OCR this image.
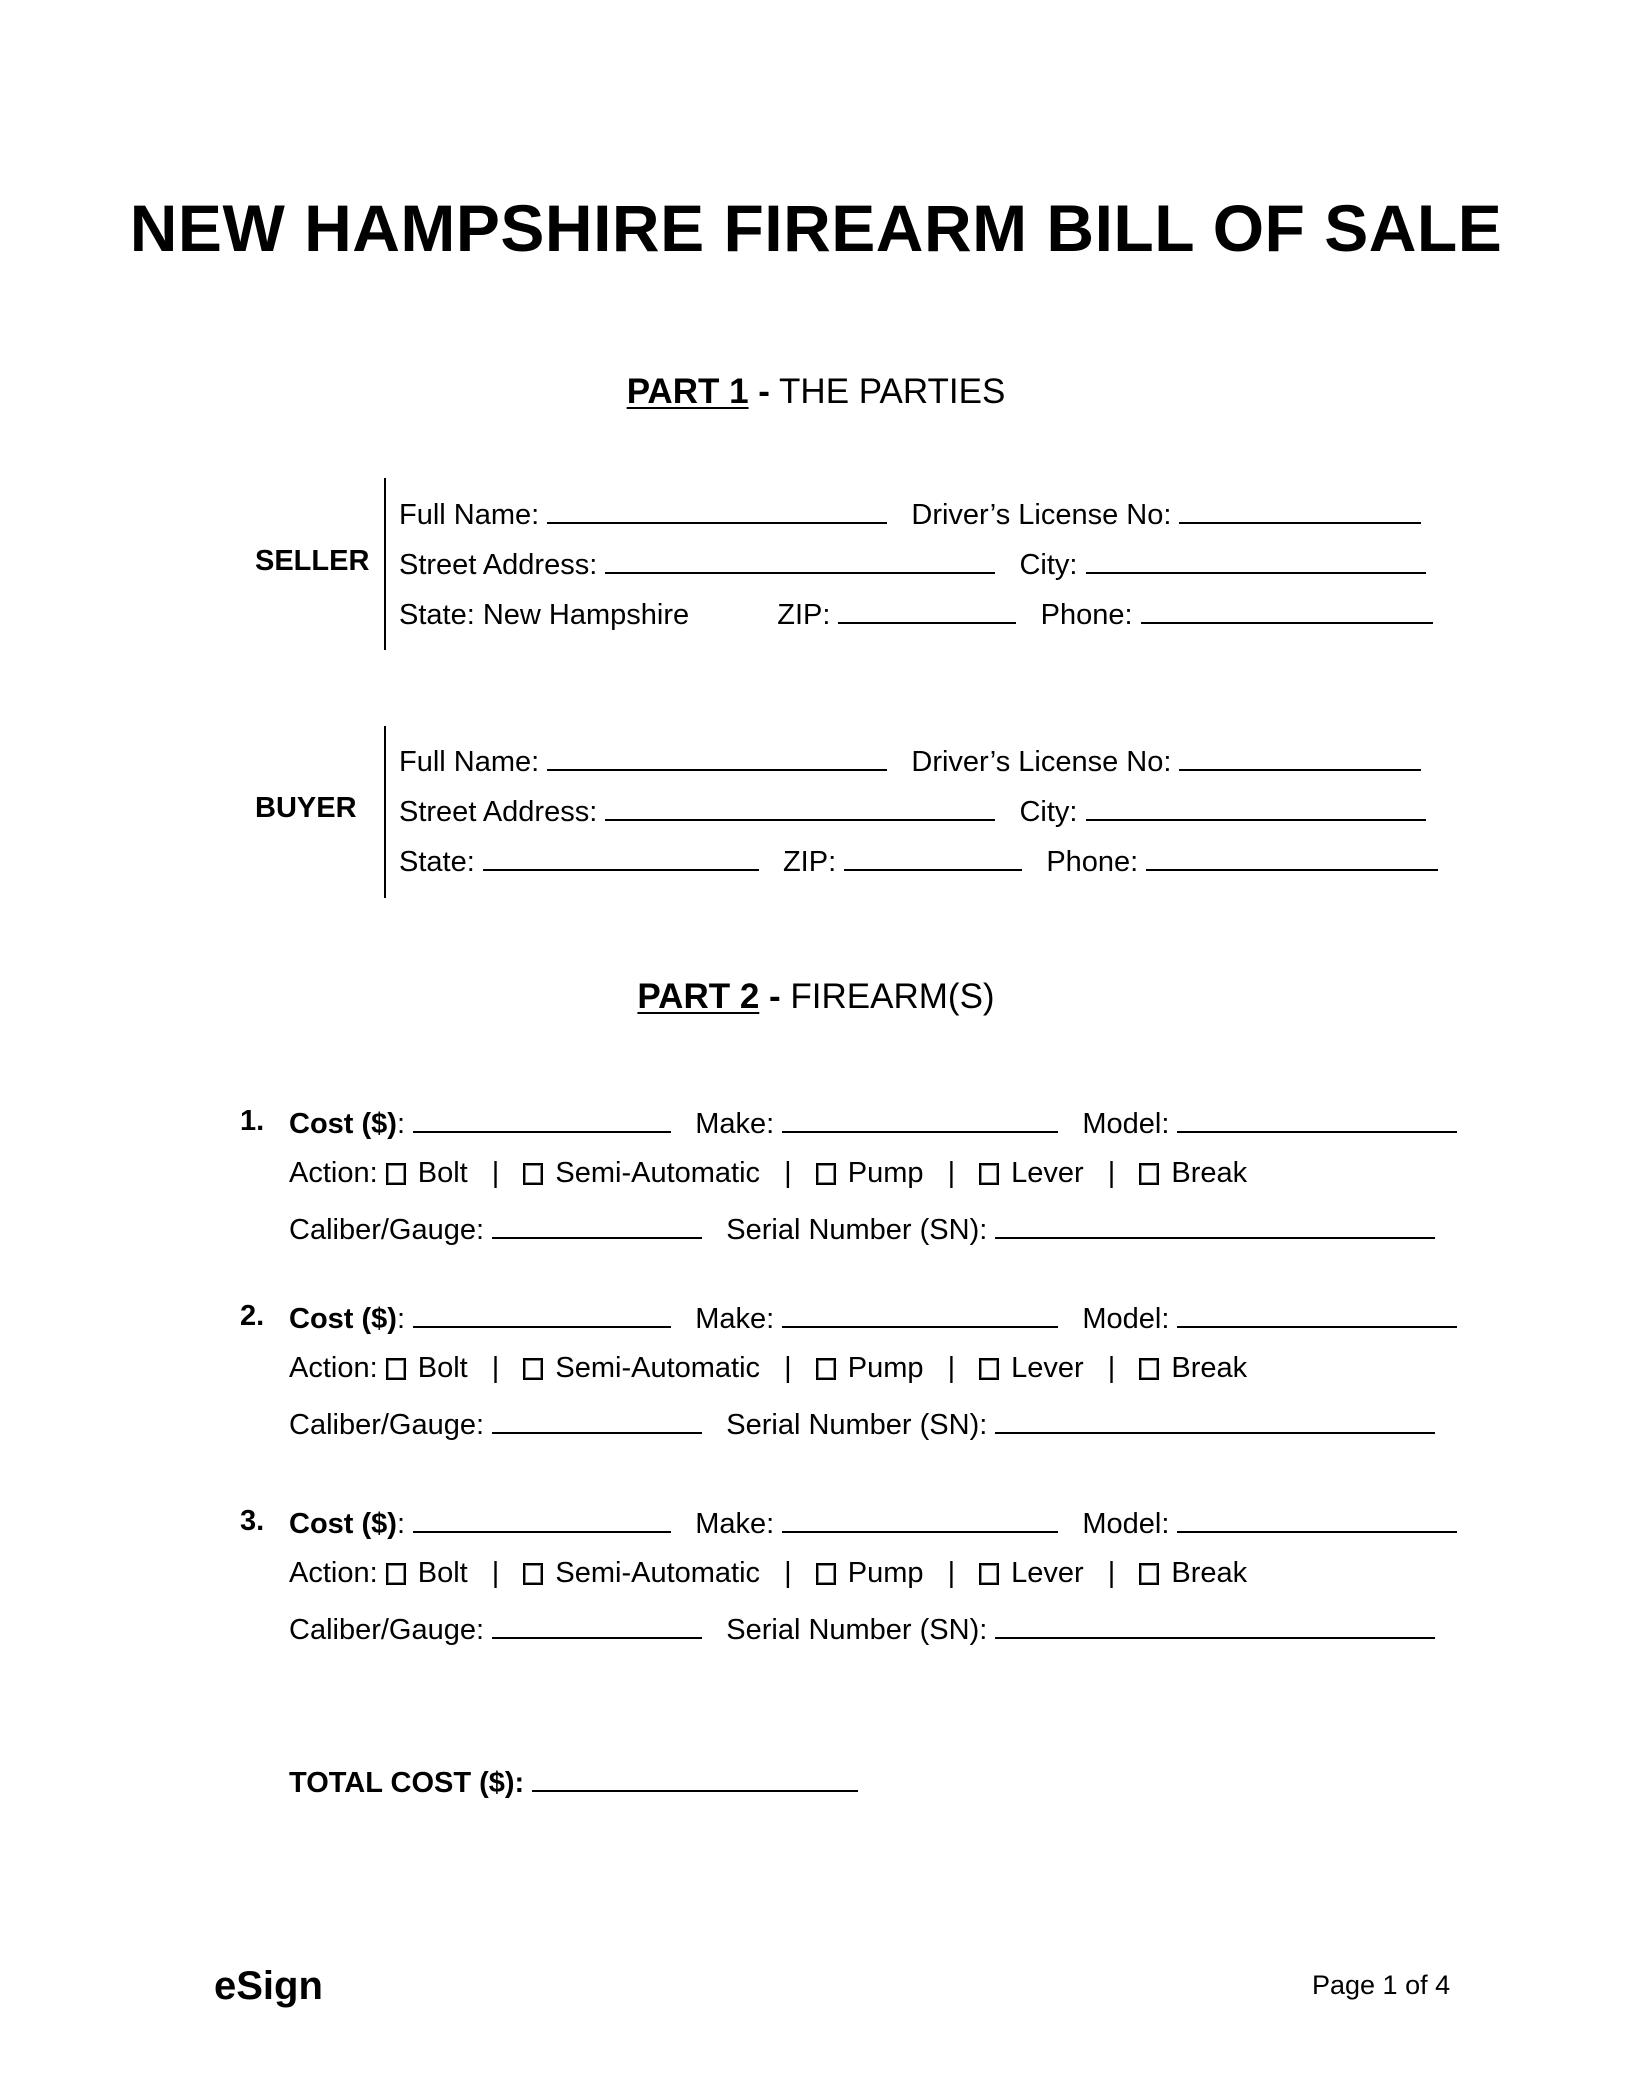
NEW HAMPSHIRE FIREARM BILL OF SALE
PART 1 - THE PARTIES
SELLER
Full Name:	Driver’s License No:
Street Address:	City:
State: New Hampshire	ZIP:	Phone:
BUYER
Full Name:	Driver’s License No:
Street Address:	City:
State:	ZIP:	Phone:
PART 2 - FIREARM(S)
1. Cost ($):	Make:	Model:
Action: Bolt | Semi-Automatic | Pump | Lever | Break
Caliber/Gauge:	Serial Number (SN):
2. Cost ($):	Make:	Model:
Action: Bolt | Semi-Automatic | Pump | Lever | Break
Caliber/Gauge:	Serial Number (SN):
3. Cost ($):	Make:	Model:
Action: Bolt | Semi-Automatic | Pump | Lever | Break
Caliber/Gauge:	Serial Number (SN):
TOTAL COST ($):
eSign	Page 1 of 4
